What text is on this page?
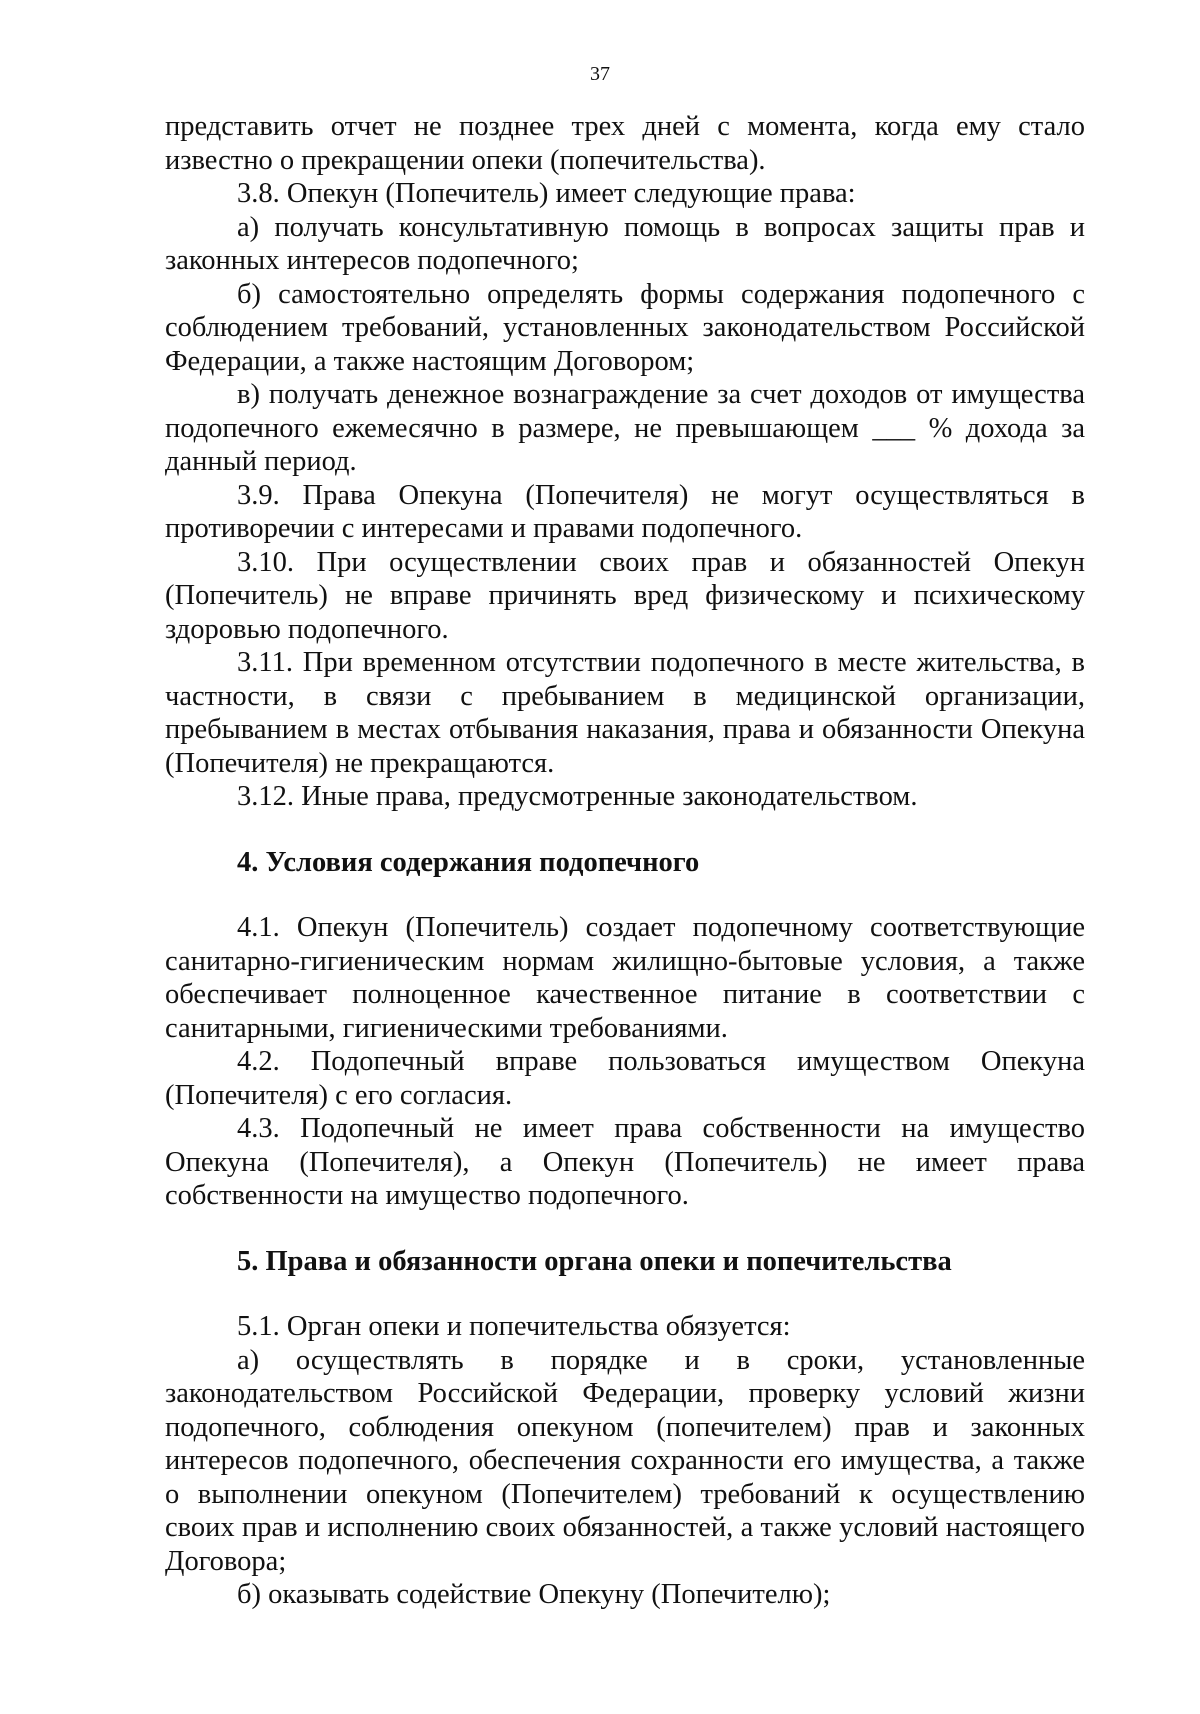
37

представить отчет не позднее трех дней с момента, когда ему стало известно о прекращении опеки (попечительства).

3.8. Опекун (Попечитель) имеет следующие права:

а) получать консультативную помощь в вопросах защиты прав и законных интересов подопечного;

б) самостоятельно определять формы содержания подопечного с соблюдением требований, установленных законодательством Российской Федерации, а также настоящим Договором;

в) получать денежное вознаграждение за счет доходов от имущества подопечного ежемесячно в размере, не превышающем ___ % дохода за данный период.

3.9. Права Опекуна (Попечителя) не могут осуществляться в противоречии с интересами и правами подопечного.

3.10. При осуществлении своих прав и обязанностей Опекун (Попечитель) не вправе причинять вред физическому и психическому здоровью подопечного.

3.11. При временном отсутствии подопечного в месте жительства, в частности, в связи с пребыванием в медицинской организации, пребыванием в местах отбывания наказания, права и обязанности Опекуна (Попечителя) не прекращаются.

3.12. Иные права, предусмотренные законодательством.

4. Условия содержания подопечного

4.1. Опекун (Попечитель) создает подопечному соответствующие санитарно-гигиеническим нормам жилищно-бытовые условия, а также обеспечивает полноценное качественное питание в соответствии с санитарными, гигиеническими требованиями.

4.2. Подопечный вправе пользоваться имуществом Опекуна (Попечителя) с его согласия.

4.3. Подопечный не имеет права собственности на имущество Опекуна (Попечителя), а Опекун (Попечитель) не имеет права собственности на имущество подопечного.

5. Права и обязанности органа опеки и попечительства

5.1. Орган опеки и попечительства обязуется:

а) осуществлять в порядке и в сроки, установленные законодательством Российской Федерации, проверку условий жизни подопечного, соблюдения опекуном (попечителем) прав и законных интересов подопечного, обеспечения сохранности его имущества, а также о выполнении опекуном (Попечителем) требований к осуществлению своих прав и исполнению своих обязанностей, а также условий настоящего Договора;

б) оказывать содействие Опекуну (Попечителю);
